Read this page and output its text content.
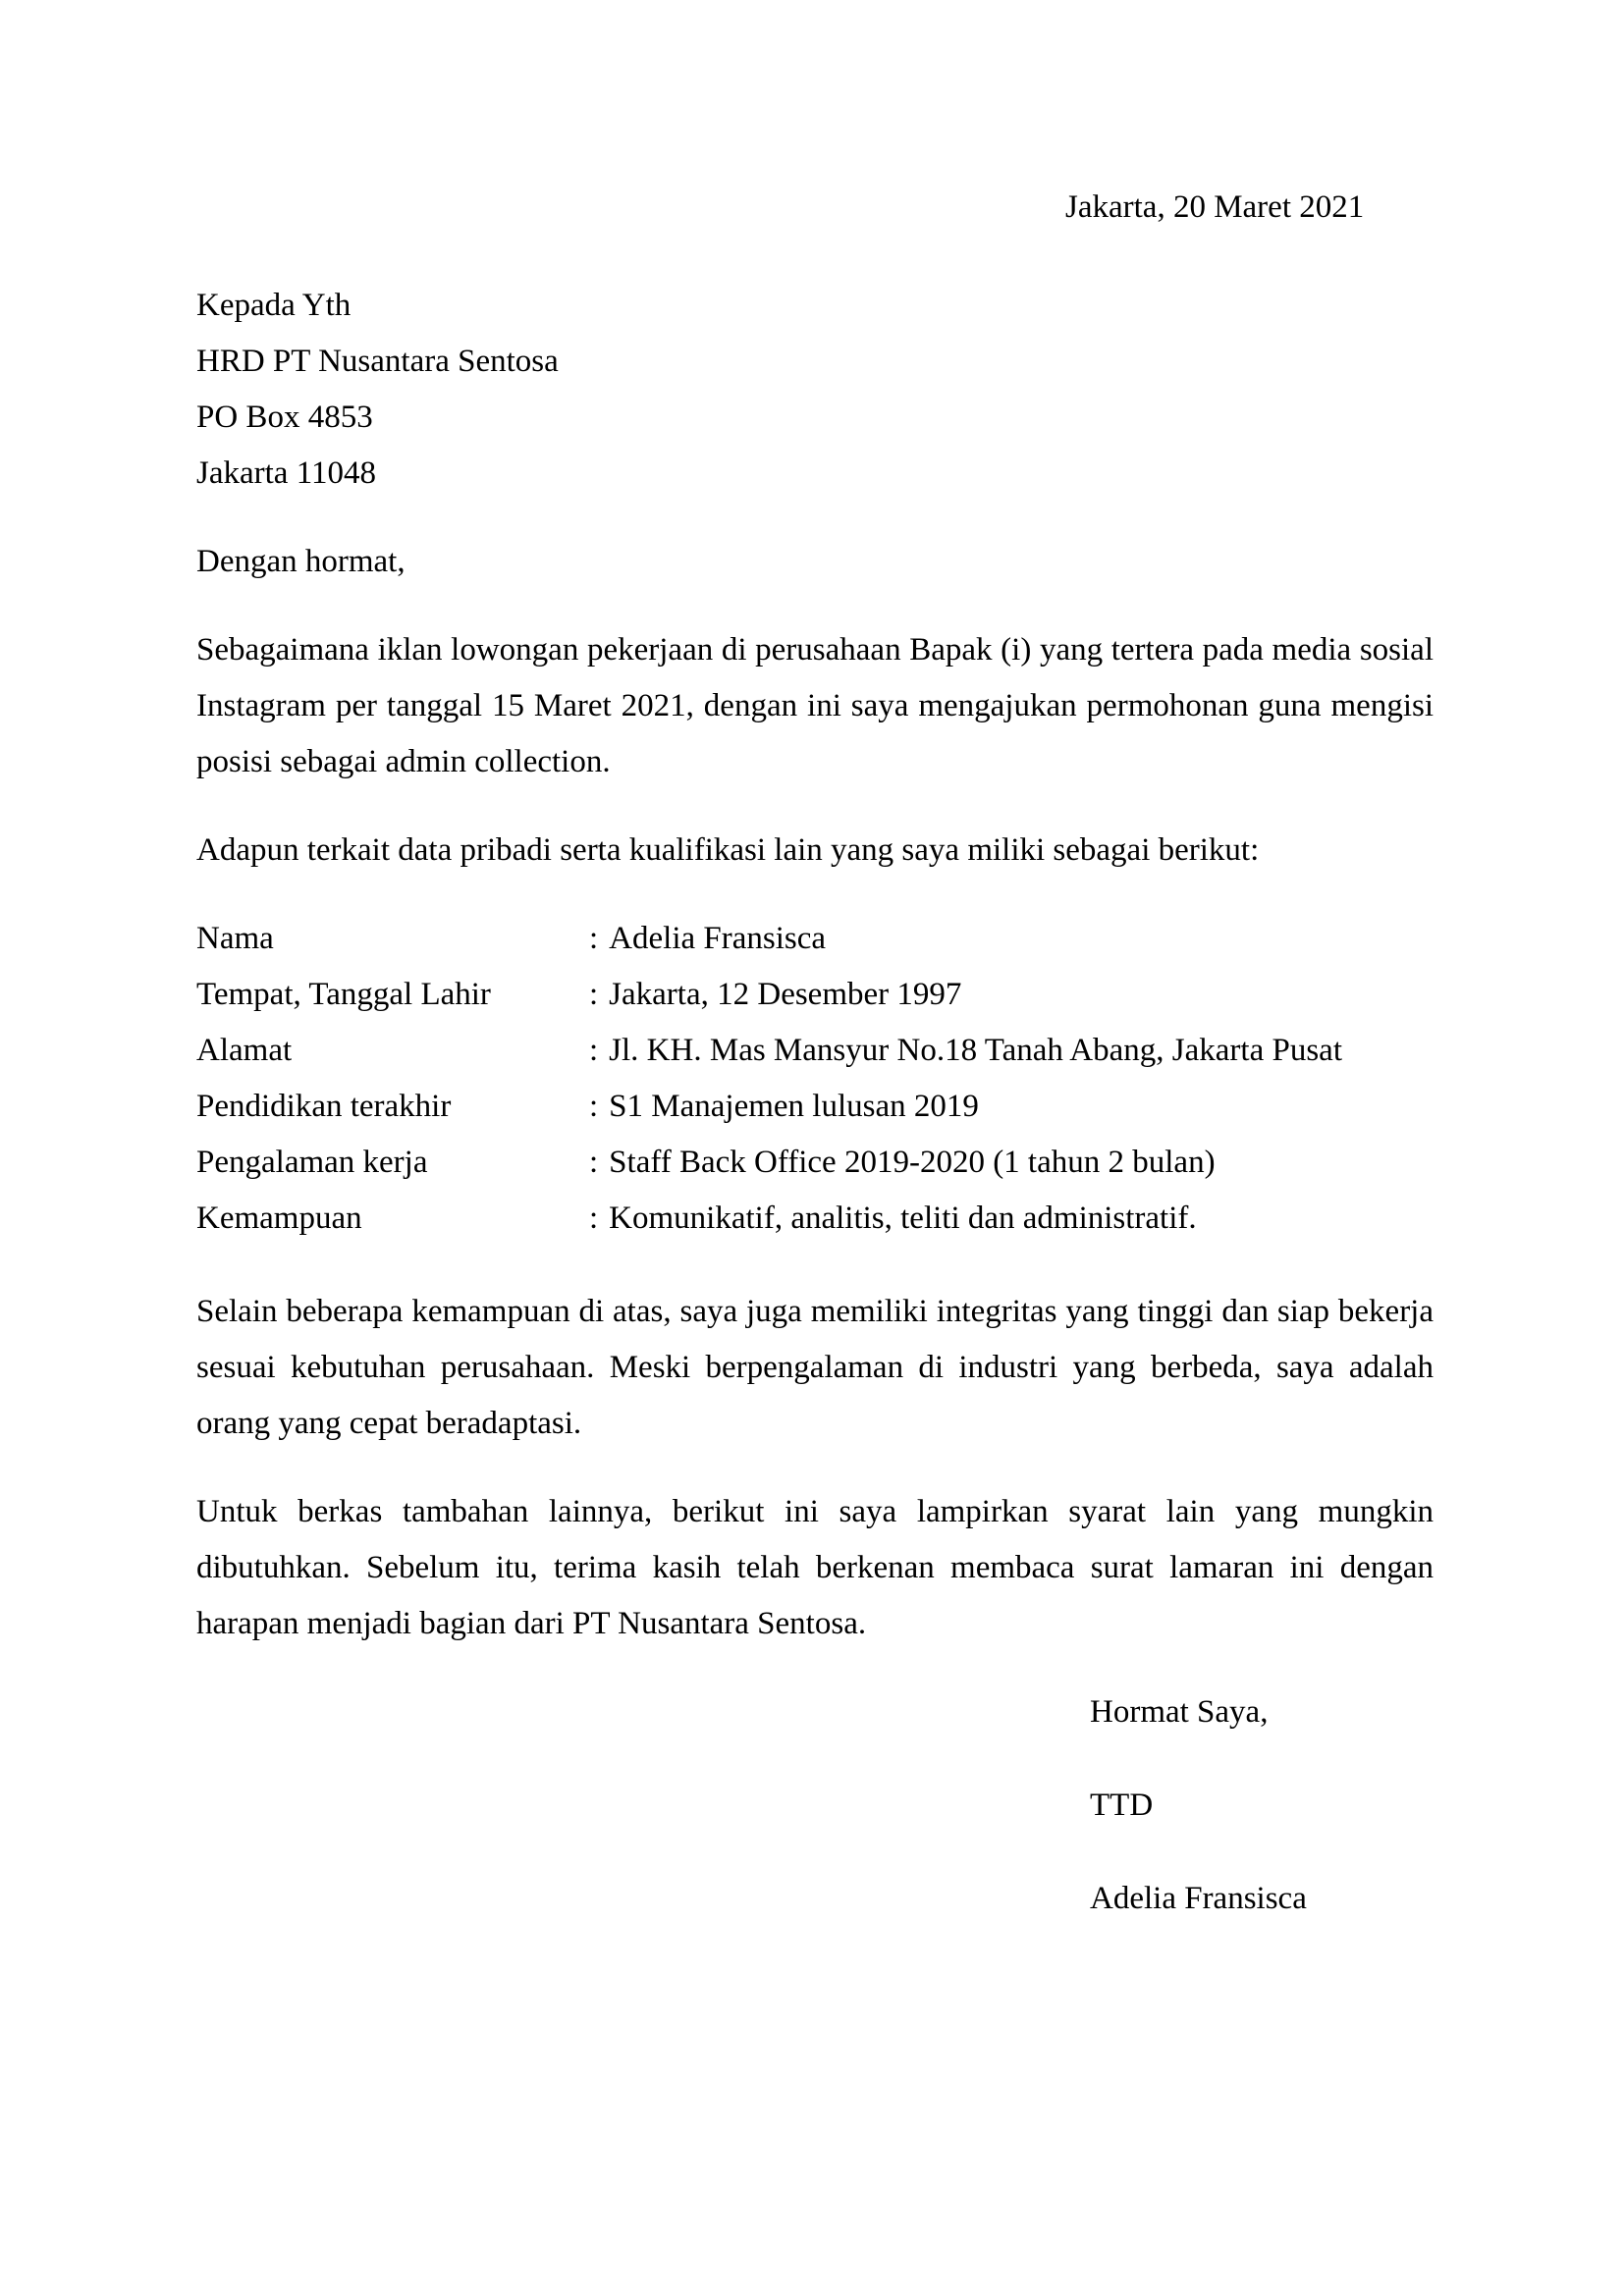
Jakarta, 20 Maret 2021
Kepada Yth
HRD PT Nusantara Sentosa
PO Box 4853
Jakarta 11048
Dengan hormat,
Sebagaimana iklan lowongan pekerjaan di perusahaan Bapak (i) yang tertera pada media sosial
Instagram per tanggal 15 Maret 2021, dengan ini saya mengajukan permohonan guna mengisi
posisi sebagai admin collection.
Adapun terkait data pribadi serta kualifikasi lain yang saya miliki sebagai berikut:
Nama	: Adelia Fransisca
Tempat, Tanggal Lahir	: Jakarta, 12 Desember 1997
Alamat	: Jl. KH. Mas Mansyur No.18 Tanah Abang, Jakarta Pusat
Pendidikan terakhir	: S1 Manajemen lulusan 2019
Pengalaman kerja	: Staff Back Office 2019-2020 (1 tahun 2 bulan)
Kemampuan	: Komunikatif, analitis, teliti dan administratif.
Selain beberapa kemampuan di atas, saya juga memiliki integritas yang tinggi dan siap bekerja
sesuai kebutuhan perusahaan. Meski berpengalaman di industri yang berbeda, saya adalah
orang yang cepat beradaptasi.
Untuk berkas tambahan lainnya, berikut ini saya lampirkan syarat lain yang mungkin
dibutuhkan. Sebelum itu, terima kasih telah berkenan membaca surat lamaran ini dengan
harapan menjadi bagian dari PT Nusantara Sentosa.
Hormat Saya,
TTD
Adelia Fransisca
